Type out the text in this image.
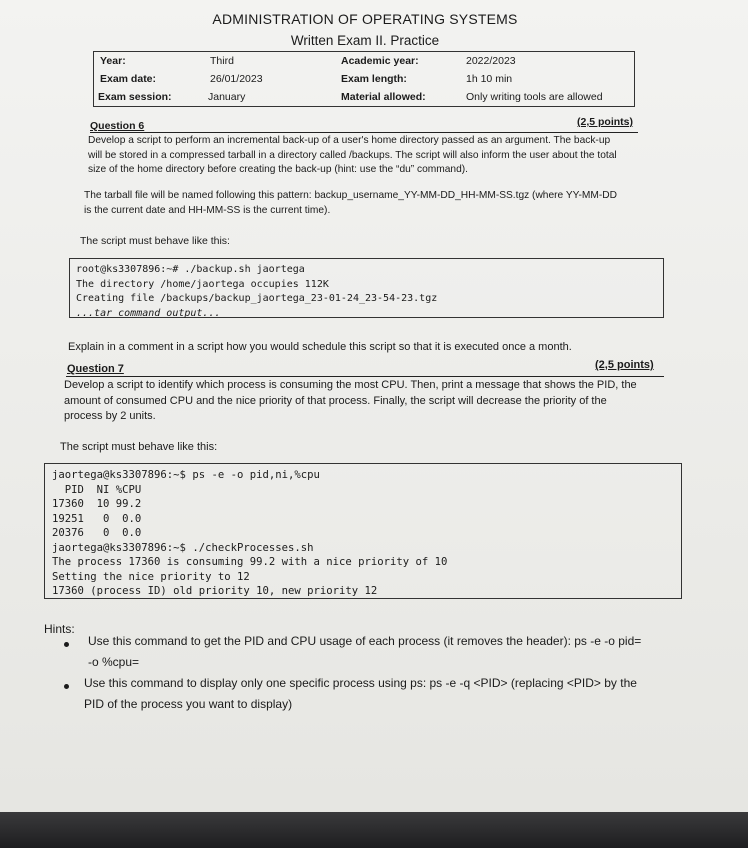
ADMINISTRATION OF OPERATING SYSTEMS
Written Exam II. Practice
Year:	Third	Academic year:	2022/2023
Exam date:	26/01/2023	Exam length:	1h 10 min
Exam session:	January	Material allowed:	Only writing tools are allowed
Question 6	(2,5 points)
Develop a script to perform an incremental back-up of a user's home directory passed as an argument. The back-up
will be stored in a compressed tarball in a directory called /backups. The script will also inform the user about the total
size of the home directory before creating the back-up (hint: use the “du” command).
The tarball file will be named following this pattern: backup_username_YY-MM-DD_HH-MM-SS.tgz (where YY-MM-DD
is the current date and HH-MM-SS is the current time).
The script must behave like this:
root@ks3307896:~# ./backup.sh jaortega
The directory /home/jaortega occupies 112K
Creating file /backups/backup_jaortega_23-01-24_23-54-23.tgz
...tar command output...
Explain in a comment in a script how you would schedule this script so that it is executed once a month.
Question 7	(2,5 points)
Develop a script to identify which process is consuming the most CPU. Then, print a message that shows the PID, the
amount of consumed CPU and the nice priority of that process. Finally, the script will decrease the priority of the
process by 2 units.
The script must behave like this:
jaortega@ks3307896:~$ ps -e -o pid,ni,%cpu
PID  NI %CPU
17360  10 99.2
19251   0  0.0
20376   0  0.0
jaortega@ks3307896:~$ ./checkProcesses.sh
The process 17360 is consuming 99.2 with a nice priority of 10
Setting the nice priority to 12
17360 (process ID) old priority 10, new priority 12
Hints:
Use this command to get the PID and CPU usage of each process (it removes the header): ps -e -o pid=
-o %cpu=
Use this command to display only one specific process using ps: ps -e -q <PID> (replacing <PID> by the
PID of the process you want to display)
